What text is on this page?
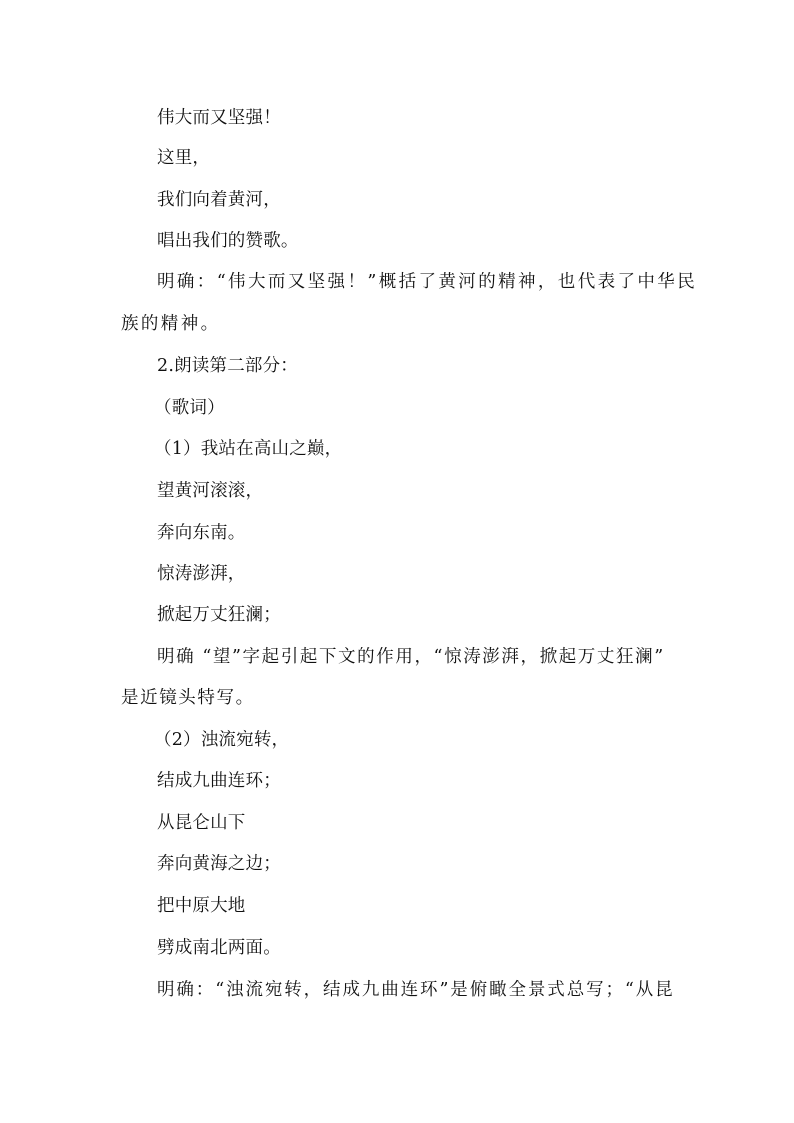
伟大而又坚强！
这里，
我们向着黄河，
唱出我们的赞歌。
明确：“伟大而又坚强！”概括了黄河的精神，也代表了中华民
族的精神。
2.朗读第二部分：
（歌词）
（1）我站在高山之巅，
望黄河滚滚，
奔向东南。
惊涛澎湃，
掀起万丈狂澜；
明确 “望”字起引起下文的作用，“惊涛澎湃，掀起万丈狂澜”
是近镜头特写。
（2）浊流宛转，
结成九曲连环；
从昆仑山下
奔向黄海之边；
把中原大地
劈成南北两面。
明确：“浊流宛转，结成九曲连环”是俯瞰全景式总写；“从昆
